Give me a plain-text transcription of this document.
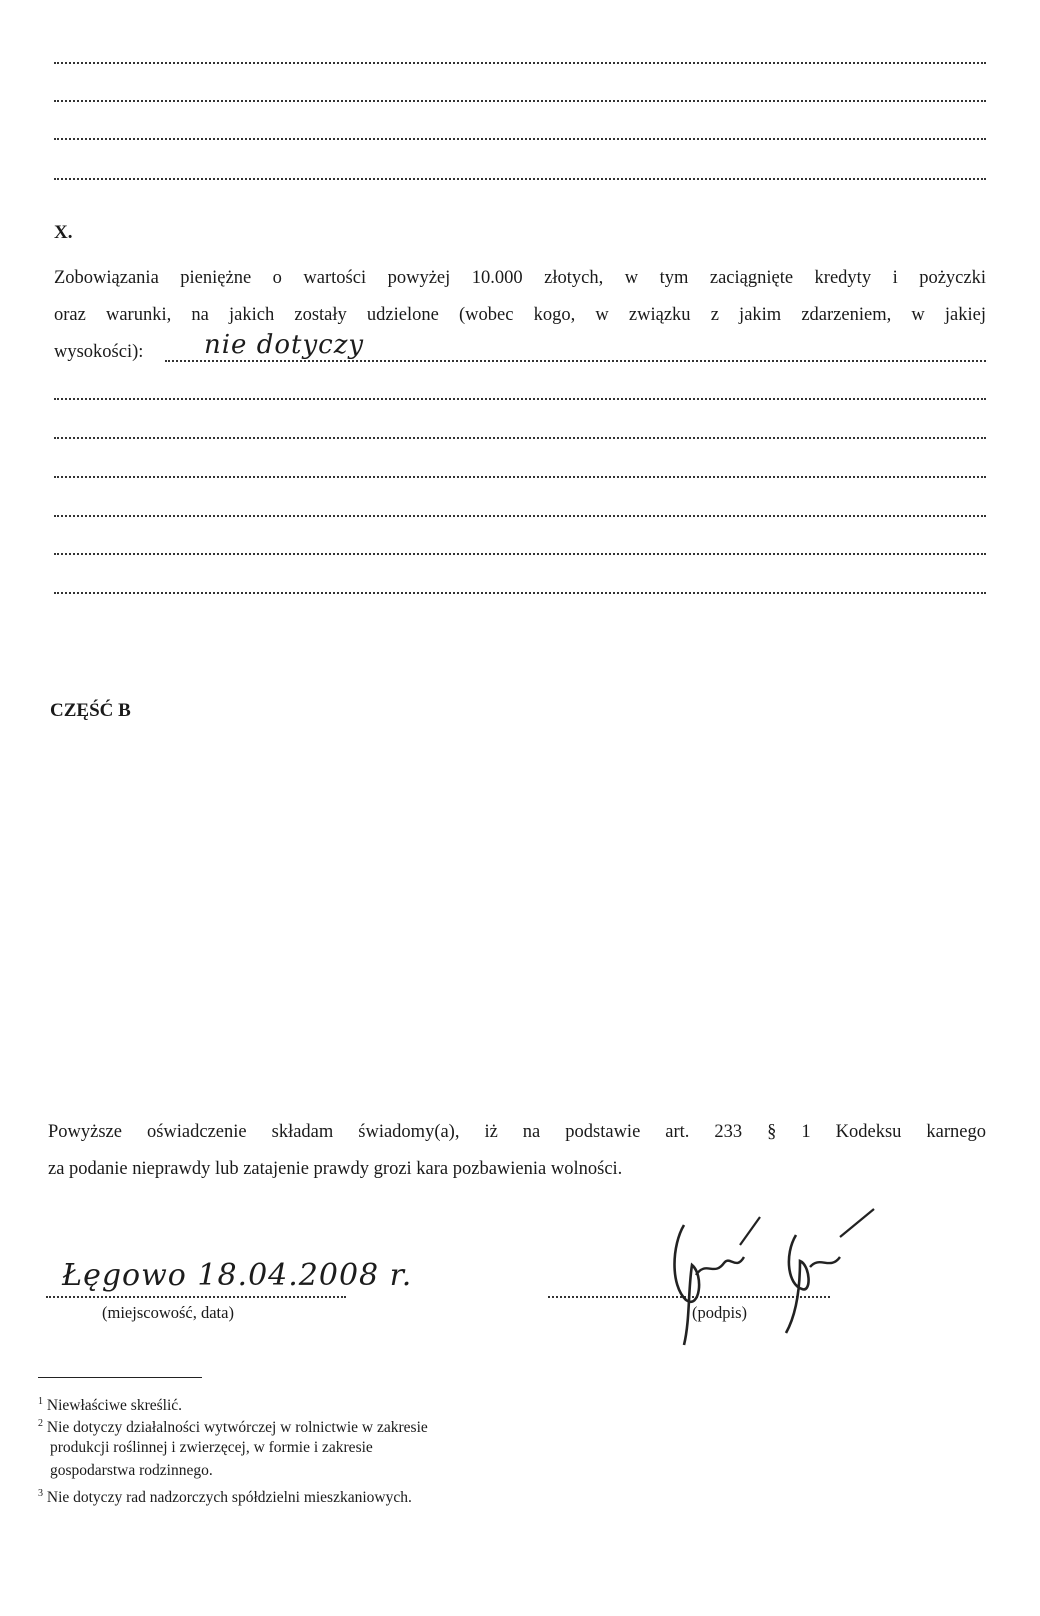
X.
Zobowiązania pieniężne o wartości powyżej 10.000 złotych, w tym zaciągnięte kredyty i pożyczki
oraz warunki, na jakich zostały udzielone (wobec kogo, w związku z jakim zdarzeniem, w jakiej
wysokości): nie dotyczy
CZĘŚĆ B
Powyższe oświadczenie składam świadomy(a), iż na podstawie art. 233 § 1 Kodeksu karnego
za podanie nieprawdy lub zatajenie prawdy grozi kara pozbawienia wolności.
Łęgowo 18.04.2008 r.
(miejscowość, data)	(podpis)
$^1$ Niewłaściwe skreślić.
$^2$ Nie dotyczy działalności wytwórczej w rolnictwie w zakresie
produkcji roślinnej i zwierzęcej, w formie i zakresie
gospodarstwa rodzinnego.
$^3$ Nie dotyczy rad nadzorczych spółdzielni mieszkaniowych.
